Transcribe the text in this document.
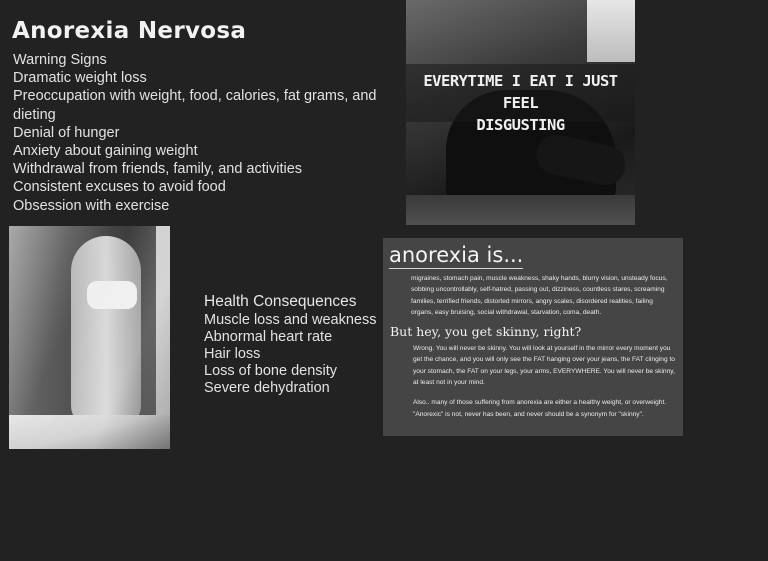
Anorexia Nervosa
Warning Signs
Dramatic weight loss
Preoccupation with weight, food, calories, fat grams, and dieting
Denial of hunger
Anxiety about gaining weight
Withdrawal from friends, family, and activities
Consistent excuses to avoid food
Obsession with exercise
EVERYTIME I EAT I JUST FEEL
DISGUSTING
Health Consequences
Muscle loss and weakness
Abnormal heart rate
Hair loss
Loss of bone density
Severe dehydration
anorexia is...
migraines, stomach pain, muscle weakness, shaky hands, blurry vision, unsteady focus, sobbing uncontrollably, self-hatred, passing out, dizziness, countless stares, screaming families, terrified friends, distorted mirrors, angry scales, disordered realities, failing organs, easy bruising, social withdrawal, starvation, coma, death.
But hey, you get skinny, right?
Wrong. You will never be skinny. You will look at yourself in the mirror every moment you get the chance, and you will only see the FAT hanging over your jeans, the FAT clinging to your stomach, the FAT on your legs, your arms, EVERYWHERE. You will never be skinny, at least not in your mind.
Also.. many of those suffering from anorexia are either a healthy weight, or overweight. "Anorexic" is not, never has been, and never should be a synonym for "skinny".
